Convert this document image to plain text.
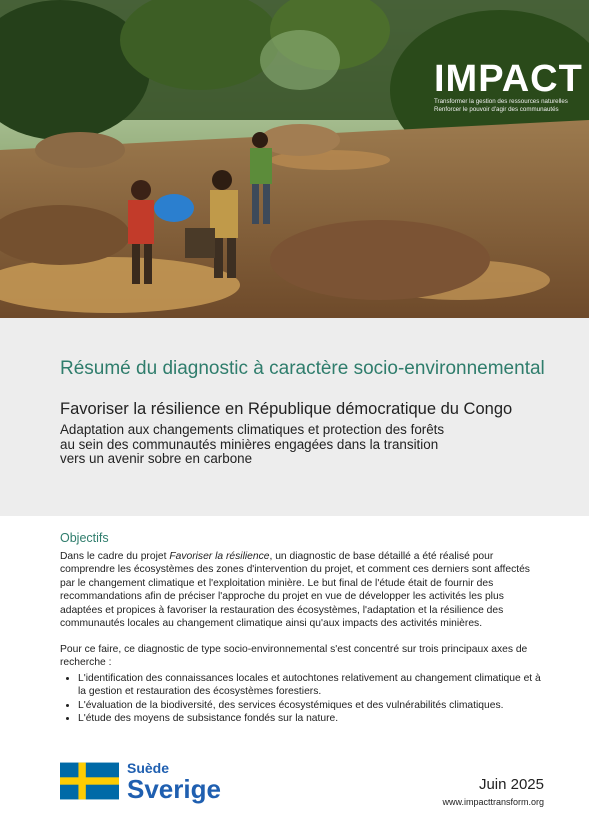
IMPACT
Transformer la gestion des ressources naturelles
Renforcer le pouvoir d'agir des communautés
Résumé du diagnostic à caractère socio-environnemental
Favoriser la résilience en République démocratique du Congo

Adaptation aux changements climatiques et protection des forêts
au sein des communautés minières engagées dans la transition
vers un avenir sobre en carbone

Objectifs

Dans le cadre du projet Favoriser la résilience, un diagnostic de base détaillé a été réalisé pour comprendre les écosystèmes des zones d'intervention du projet, et comment ces derniers sont affectés par le changement climatique et l'exploitation minière. Le but final de l'étude était de fournir des recommandations afin de préciser l'approche du projet en vue de développer les activités les plus adaptées et propices à favoriser la restauration des écosystèmes, l'adaptation et la résilience des communautés locales au changement climatique ainsi qu'aux impacts des activités minières.

Pour ce faire, ce diagnostic de type socio-environnemental s'est concentré sur trois principaux axes de recherche :

• L'identification des connaissances locales et autochtones relativement au changement climatique et à la gestion et restauration des écosystèmes forestiers.
• L'évaluation de la biodiversité, des services écosystémiques et des vulnérabilités climatiques.
• L'étude des moyens de subsistance fondés sur la nature.
Suède
Sverige	Juin 2025
www.impacttransform.org
